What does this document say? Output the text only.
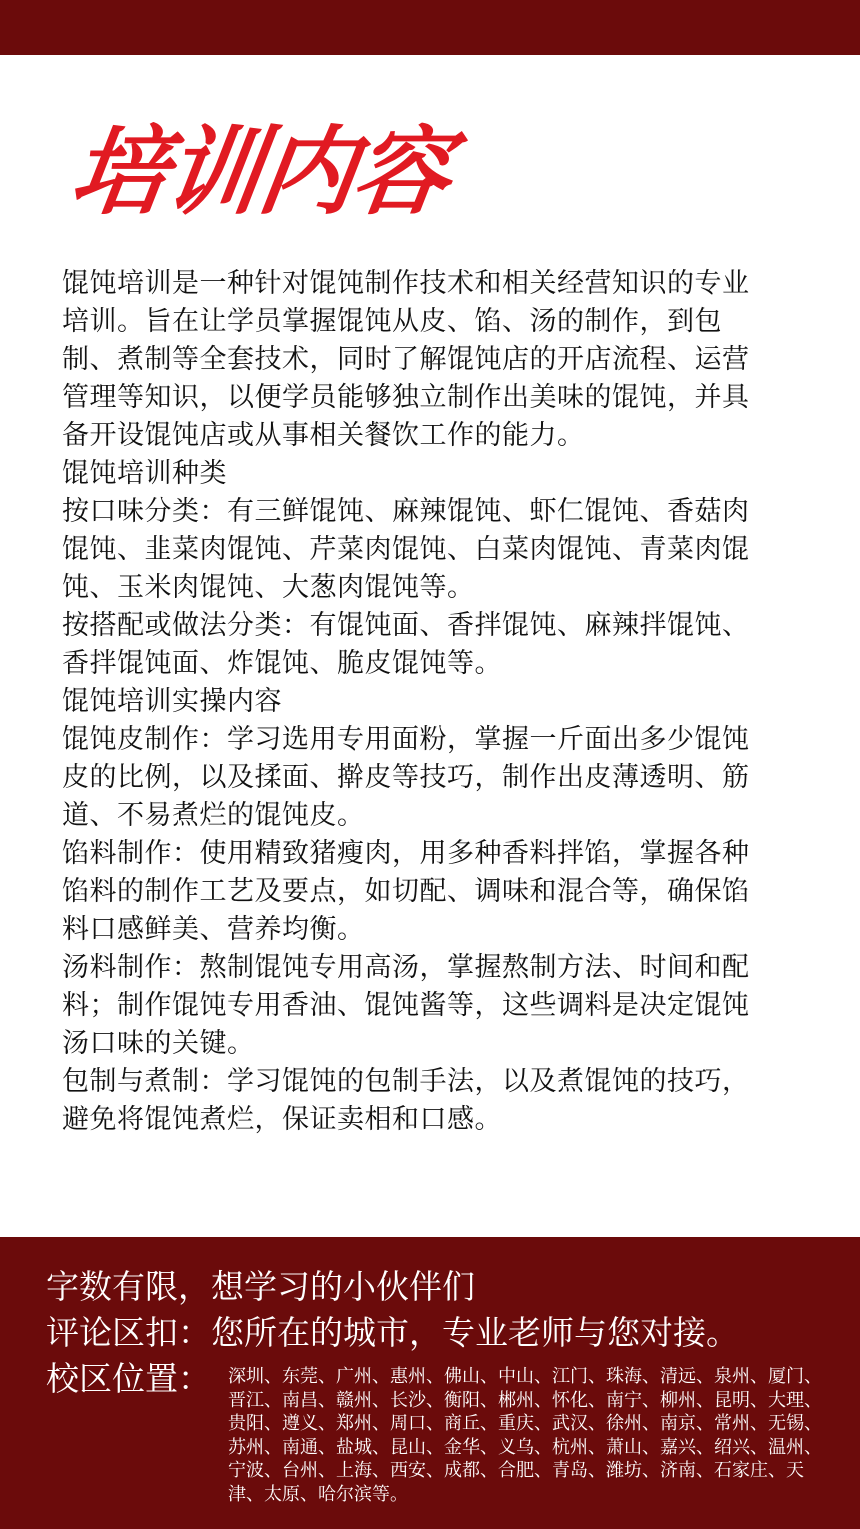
培训内容

馄饨培训是一种针对馄饨制作技术和相关经营知识的专业培训。旨在让学员掌握馄饨从皮、馅、汤的制作，到包制、煮制等全套技术，同时了解馄饨店的开店流程、运营管理等知识，以便学员能够独立制作出美味的馄饨，并具备开设馄饨店或从事相关餐饮工作的能力。

馄饨培训种类

按口味分类：有三鲜馄饨、麻辣馄饨、虾仁馄饨、香菇肉馄饨、韭菜肉馄饨、芹菜肉馄饨、白菜肉馄饨、青菜肉馄饨、玉米肉馄饨、大葱肉馄饨等。

按搭配或做法分类：有馄饨面、香拌馄饨、麻辣拌馄饨、香拌馄饨面、炸馄饨、脆皮馄饨等。

馄饨培训实操内容

馄饨皮制作：学习选用专用面粉，掌握一斤面出多少馄饨皮的比例，以及揉面、擀皮等技巧，制作出皮薄透明、筋道、不易煮烂的馄饨皮。

馅料制作：使用精致猪瘦肉，用多种香料拌馅，掌握各种馅料的制作工艺及要点，如切配、调味和混合等，确保馅料口感鲜美、营养均衡。

汤料制作：熬制馄饨专用高汤，掌握熬制方法、时间和配料；制作馄饨专用香油、馄饨酱等，这些调料是决定馄饨汤口味的关键。

包制与煮制：学习馄饨的包制手法，以及煮馄饨的技巧，避免将馄饨煮烂，保证卖相和口感。

字数有限，想学习的小伙伴们

评论区扣：您所在的城市，专业老师与您对接。

校区位置： 深圳、东莞、广州、惠州、佛山、中山、江门、珠海、清远、泉州、厦门、晋江、南昌、赣州、长沙、衡阳、郴州、怀化、南宁、柳州、昆明、大理、贵阳、遵义、郑州、周口、商丘、重庆、武汉、徐州、南京、常州、无锡、苏州、南通、盐城、昆山、金华、义乌、杭州、萧山、嘉兴、绍兴、温州、宁波、台州、上海、西安、成都、合肥、青岛、潍坊、济南、石家庄、天津、太原、哈尔滨等。
